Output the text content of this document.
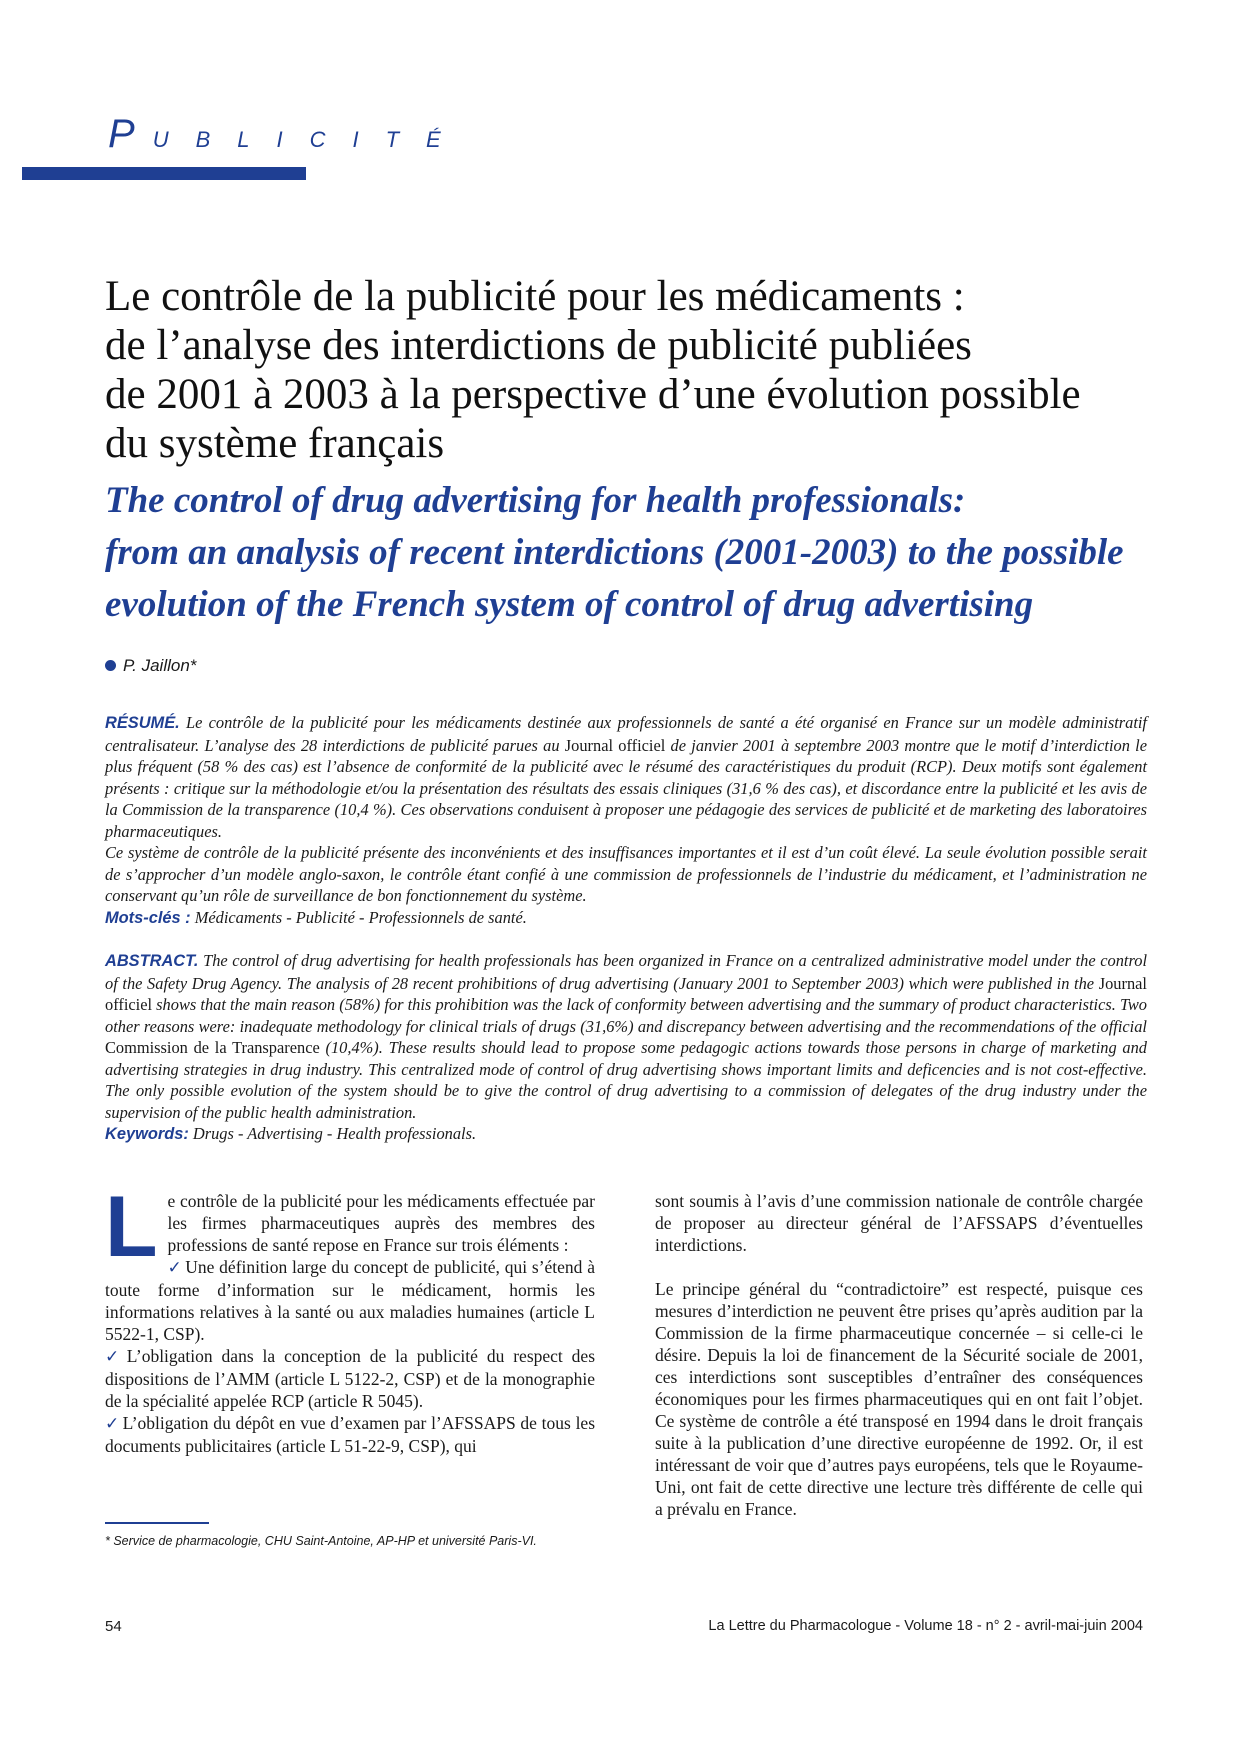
PUBLICITÉ
Le contrôle de la publicité pour les médicaments :
de l’analyse des interdictions de publicité publiées
de 2001 à 2003 à la perspective d’une évolution possible
du système français
The control of drug advertising for health professionals:
from an analysis of recent interdictions (2001-2003) to the possible
evolution of the French system of control of drug advertising
P. Jaillon*
RÉSUMÉ. Le contrôle de la publicité pour les médicaments destinée aux professionnels de santé a été organisé en France sur un modèle administratif centralisateur. L’analyse des 28 interdictions de publicité parues au Journal officiel de janvier 2001 à septembre 2003 montre que le motif d’interdiction le plus fréquent (58 % des cas) est l’absence de conformité de la publicité avec le résumé des caractéristiques du produit (RCP). Deux motifs sont également présents : critique sur la méthodologie et/ou la présentation des résultats des essais cliniques (31,6 % des cas), et discordance entre la publicité et les avis de la Commission de la transparence (10,4 %). Ces observations conduisent à proposer une pédagogie des services de publicité et de marketing des laboratoires pharmaceutiques.
Ce système de contrôle de la publicité présente des inconvénients et des insuffisances importantes et il est d’un coût élevé. La seule évolution possible serait de s’approcher d’un modèle anglo-saxon, le contrôle étant confié à une commission de professionnels de l’industrie du médicament, et l’administration ne conservant qu’un rôle de surveillance de bon fonctionnement du système.
Mots-clés : Médicaments - Publicité - Professionnels de santé.
ABSTRACT. The control of drug advertising for health professionals has been organized in France on a centralized administrative model under the control of the Safety Drug Agency. The analysis of 28 recent prohibitions of drug advertising (January 2001 to September 2003) which were published in the Journal officiel shows that the main reason (58%) for this prohibition was the lack of conformity between advertising and the summary of product characteristics. Two other reasons were: inadequate methodology for clinical trials of drugs (31,6%) and discrepancy between advertising and the recommendations of the official Commission de la Transparence (10,4%). These results should lead to propose some pedagogic actions towards those persons in charge of marketing and advertising strategies in drug industry. This centralized mode of control of drug advertising shows important limits and deficencies and is not cost-effective. The only possible evolution of the system should be to give the control of drug advertising to a commission of delegates of the drug industry under the supervision of the public health administration.
Keywords: Drugs - Advertising - Health professionals.

Le contrôle de la publicité pour les médicaments effectuée par les firmes pharmaceutiques auprès des membres des professions de santé repose en France sur trois éléments :

✓ Une définition large du concept de publicité, qui s’étend à toute forme d’information sur le médicament, hormis les informations relatives à la santé ou aux maladies humaines (article L 5522-1, CSP).

✓ L’obligation dans la conception de la publicité du respect des dispositions de l’AMM (article L 5122-2, CSP) et de la monographie de la spécialité appelée RCP (article R 5045).

✓ L’obligation du dépôt en vue d’examen par l’AFSSAPS de tous les documents publicitaires (article L 51-22-9, CSP), qui

sont soumis à l’avis d’une commission nationale de contrôle chargée de proposer au directeur général de l’AFSSAPS d’éventuelles interdictions.

Le principe général du “contradictoire” est respecté, puisque ces mesures d’interdiction ne peuvent être prises qu’après audition par la Commission de la firme pharmaceutique concernée – si celle-ci le désire. Depuis la loi de financement de la Sécurité sociale de 2001, ces interdictions sont susceptibles d’entraîner des conséquences économiques pour les firmes pharmaceutiques qui en ont fait l’objet. Ce système de contrôle a été transposé en 1994 dans le droit français suite à la publication d’une directive européenne de 1992. Or, il est intéressant de voir que d’autres pays européens, tels que le Royaume-Uni, ont fait de cette directive une lecture très différente de celle qui a prévalu en France.

* Service de pharmacologie, CHU Saint-Antoine, AP-HP et université Paris-VI.
54	La Lettre du Pharmacologue - Volume 18 - n° 2 - avril-mai-juin 2004
